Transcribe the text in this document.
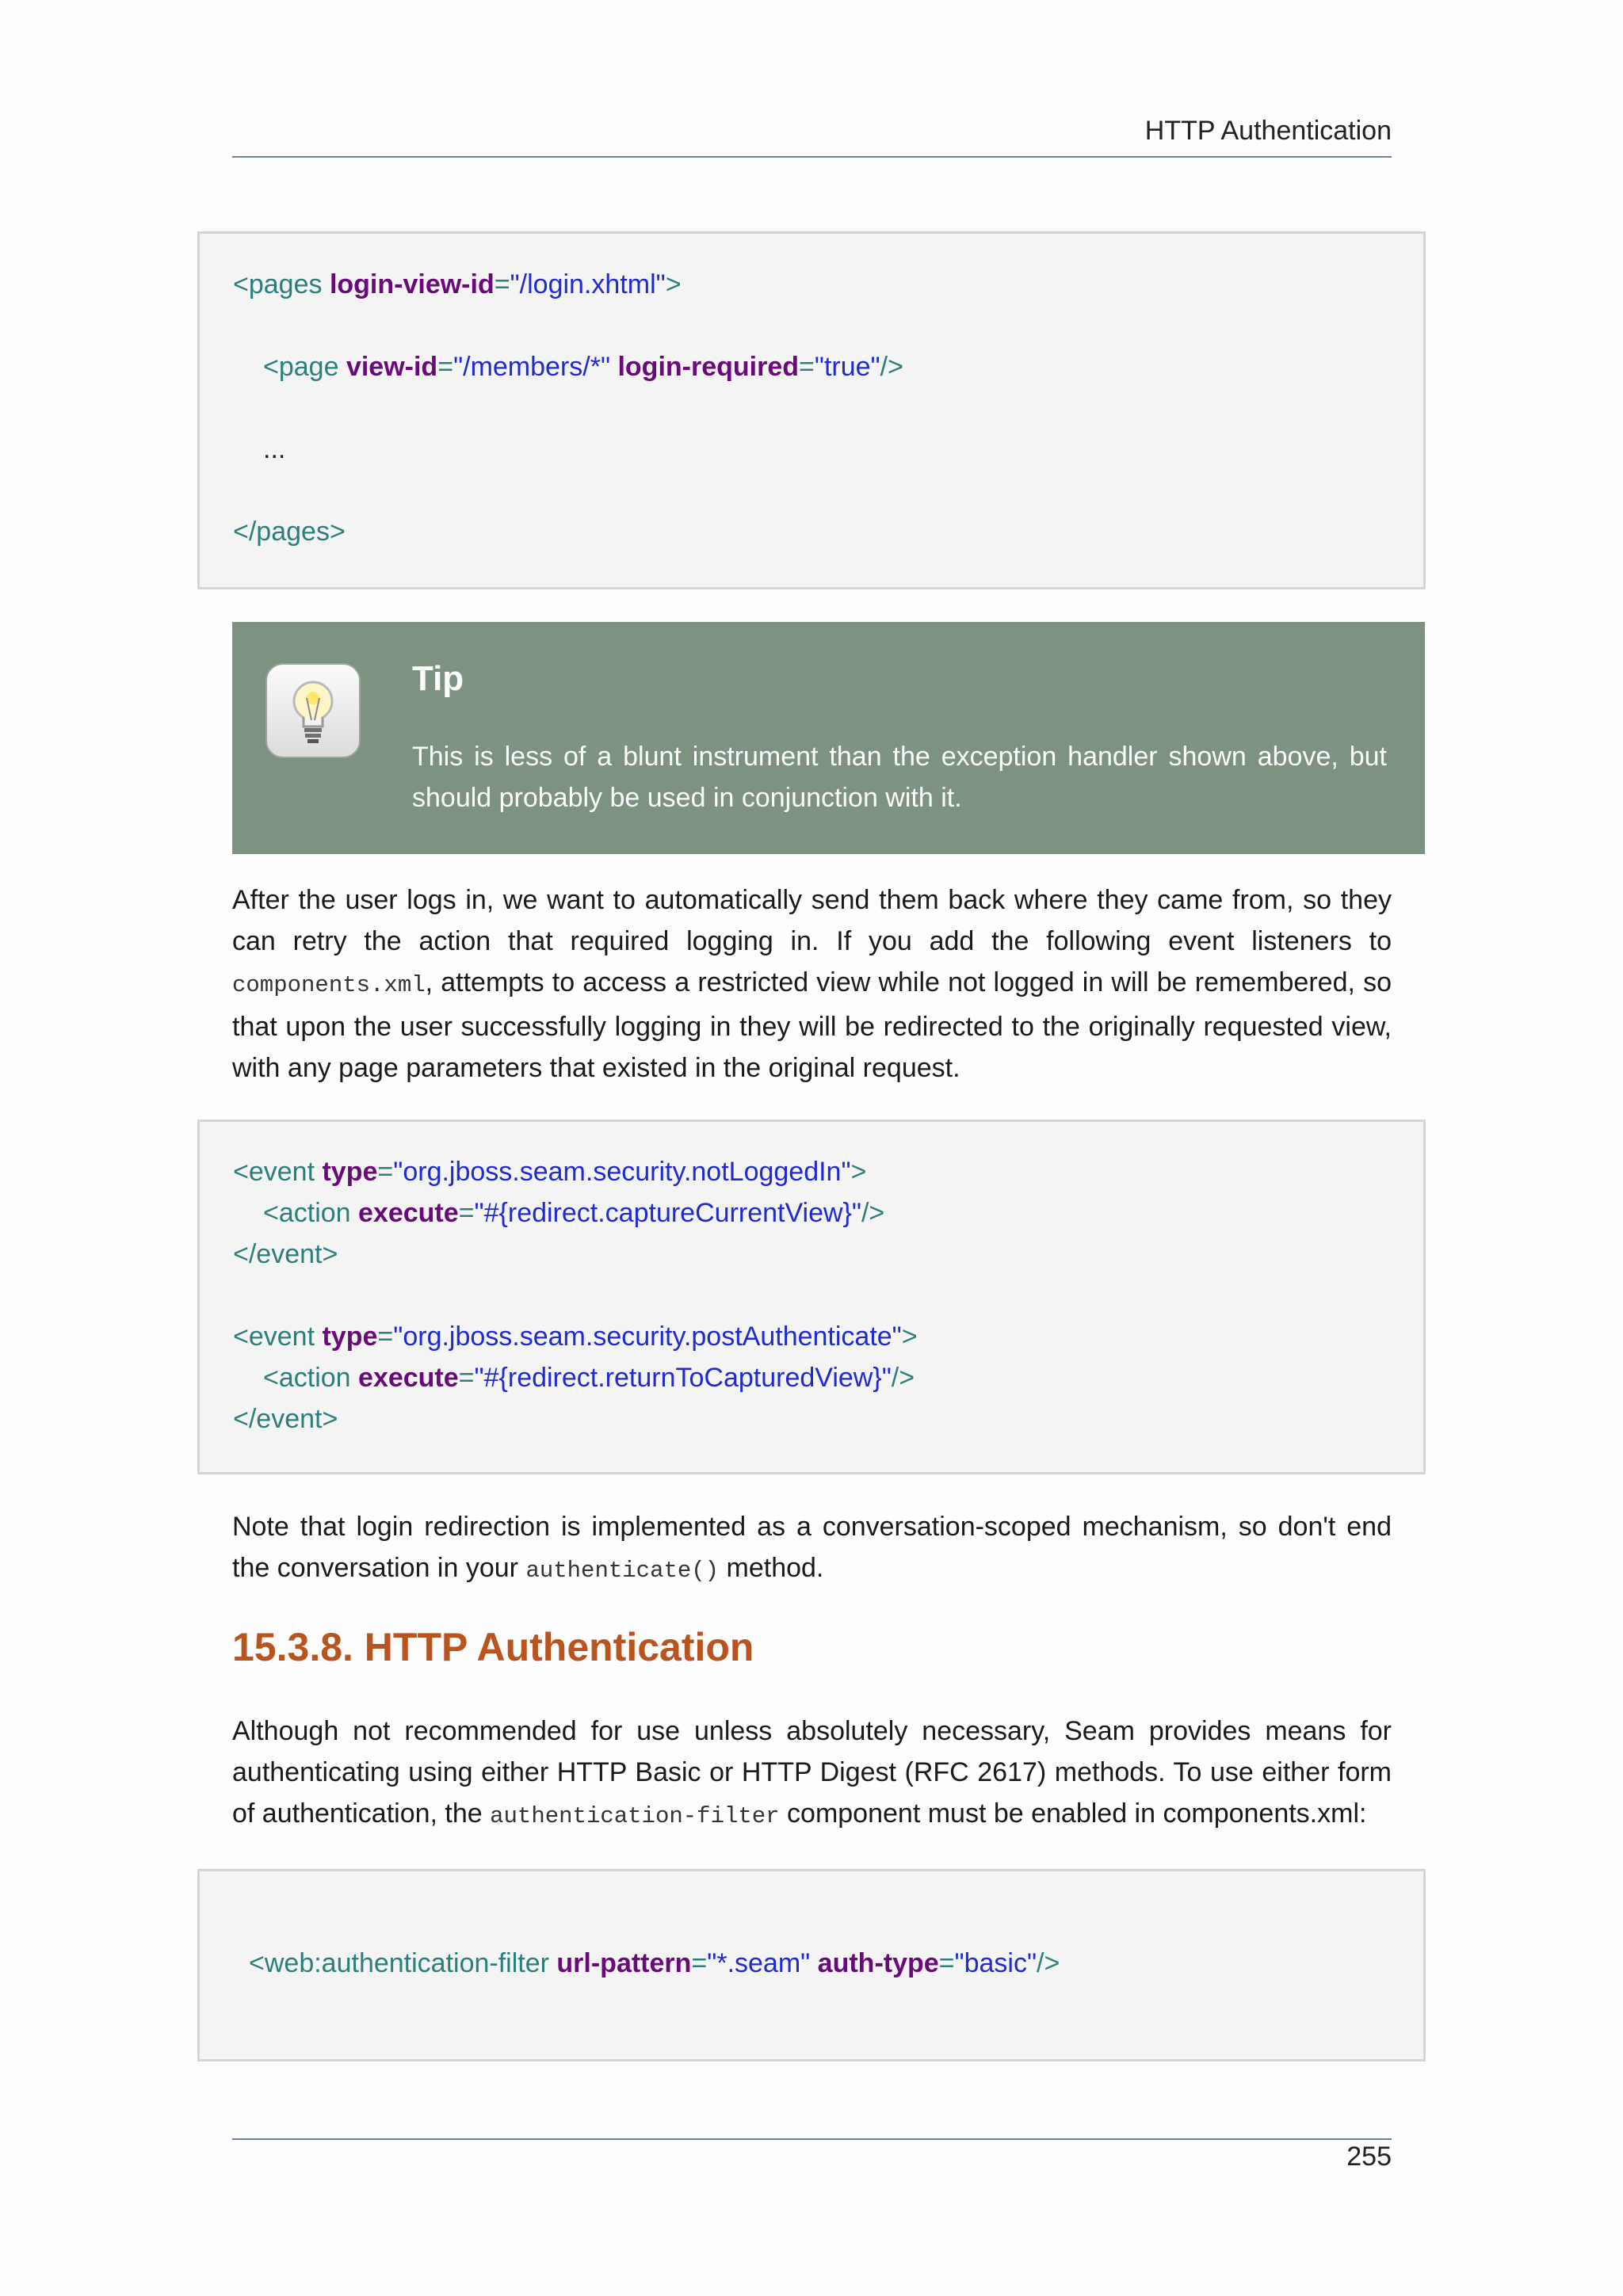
HTTP Authentication
<pages login-view-id="/login.xhtml">
<page view-id="/members/*" login-required="true"/>
...
</pages>
Tip
This is less of a blunt instrument than the exception handler shown above, but should probably be used in conjunction with it.
After the user logs in, we want to automatically send them back where they came from, so they can retry the action that required logging in. If you add the following event listeners to components.xml, attempts to access a restricted view while not logged in will be remembered, so that upon the user successfully logging in they will be redirected to the originally requested view, with any page parameters that existed in the original request.
<event type="org.jboss.seam.security.notLoggedIn">
<action execute="#{redirect.captureCurrentView}"/>
</event>
<event type="org.jboss.seam.security.postAuthenticate">
<action execute="#{redirect.returnToCapturedView}"/>
</event>
Note that login redirection is implemented as a conversation-scoped mechanism, so don't end the conversation in your authenticate() method.
15.3.8. HTTP Authentication
Although not recommended for use unless absolutely necessary, Seam provides means for authenticating using either HTTP Basic or HTTP Digest (RFC 2617) methods. To use either form of authentication, the authentication-filter component must be enabled in components.xml:
<web:authentication-filter url-pattern="*.seam" auth-type="basic"/>
255
